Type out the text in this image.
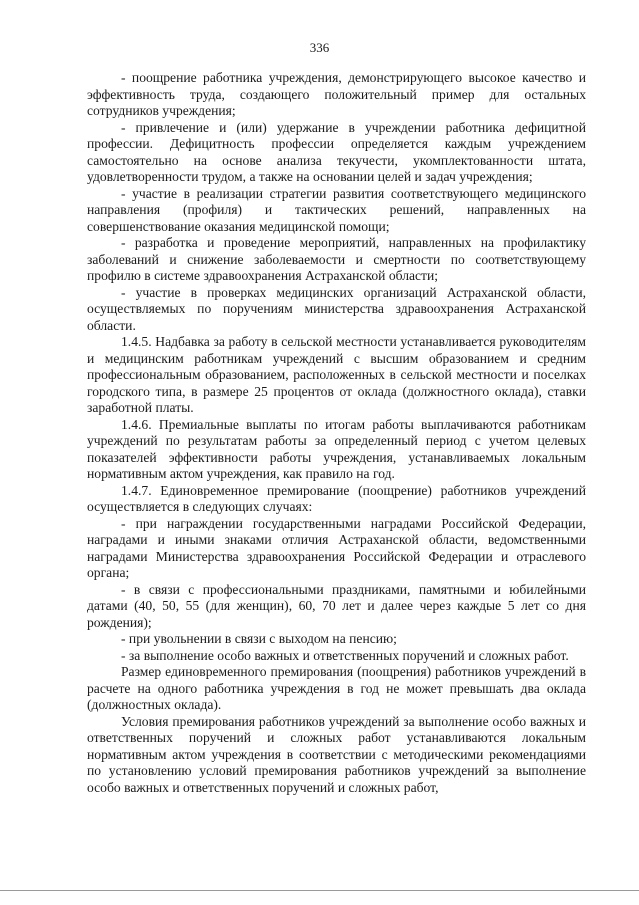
336

- поощрение работника учреждения, демонстрирующего высокое качество и эффективность труда, создающего положительный пример для остальных сотрудников учреждения;

- привлечение и (или) удержание в учреждении работника дефицитной профессии. Дефицитность профессии определяется каждым учреждением самостоятельно на основе анализа текучести, укомплектованности штата, удовлетворенности трудом, а также на основании целей и задач учреждения;

- участие в реализации стратегии развития соответствующего медицинского направления (профиля) и тактических решений, направленных на совершенствование оказания медицинской помощи;

- разработка и проведение мероприятий, направленных на профилактику заболеваний и снижение заболеваемости и смертности по соответствующему профилю в системе здравоохранения Астраханской области;

- участие в проверках медицинских организаций Астраханской области, осуществляемых по поручениям министерства здравоохранения Астраханской области.

1.4.5. Надбавка за работу в сельской местности устанавливается руководителям и медицинским работникам учреждений с высшим образованием и средним профессиональным образованием, расположенных в сельской местности и поселках городского типа, в размере 25 процентов от оклада (должностного оклада), ставки заработной платы.

1.4.6. Премиальные выплаты по итогам работы выплачиваются работникам учреждений по результатам работы за определенный период с учетом целевых показателей эффективности работы учреждения, устанавливаемых локальным нормативным актом учреждения, как правило на год.

1.4.7. Единовременное премирование (поощрение) работников учреждений осуществляется в следующих случаях:

- при награждении государственными наградами Российской Федерации, наградами и иными знаками отличия Астраханской области, ведомственными наградами Министерства здравоохранения Российской Федерации и отраслевого органа;

- в связи с профессиональными праздниками, памятными и юбилейными датами (40, 50, 55 (для женщин), 60, 70 лет и далее через каждые 5 лет со дня рождения);

- при увольнении в связи с выходом на пенсию;

- за выполнение особо важных и ответственных поручений и сложных работ.

Размер единовременного премирования (поощрения) работников учреждений в расчете на одного работника учреждения в год не может превышать два оклада (должностных оклада).

Условия премирования работников учреждений за выполнение особо важных и ответственных поручений и сложных работ устанавливаются локальным нормативным актом учреждения в соответствии с методическими рекомендациями по установлению условий премирования работников учреждений за выполнение особо важных и ответственных поручений и сложных работ,
